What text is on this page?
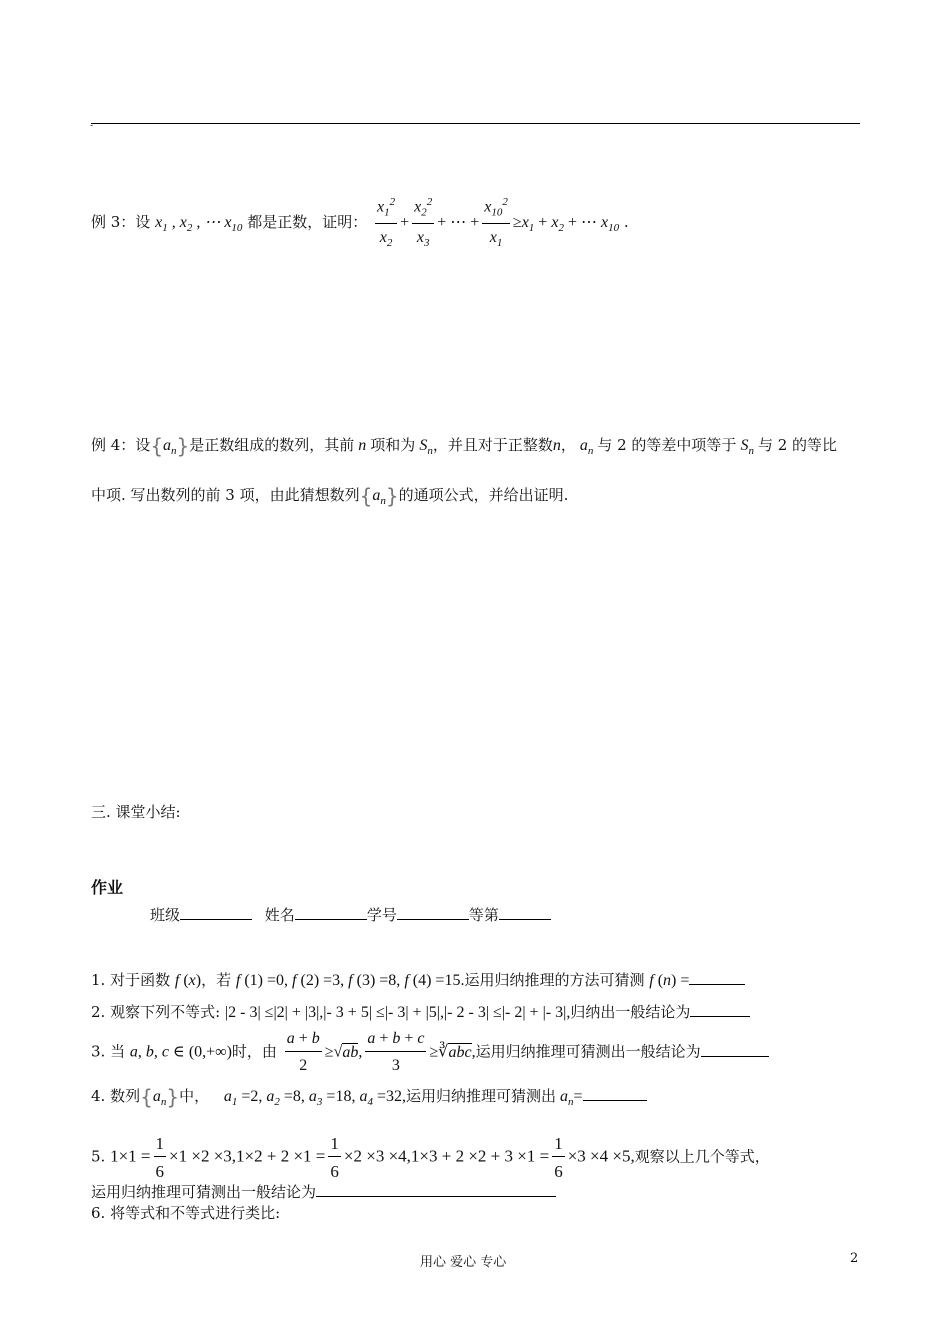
-
例 3：设 $x_1$ , $x_2$ , ⋯ $x_{10}$ 都是正数，证明： $\frac{x_1^2}{x_2} + \frac{x_2^2}{x_3}$ + ⋯ + $\frac{x_{10}^2}{x_1} \ge x_1 + x_2$ + ⋯ $x_{10}$ .
例 4：设$\{a_n\}$是正数组成的数列，其前 n 项和为 $S_n$，并且对于正整数n， $a_n$ 与 2 的等差中项等于 $S_n$ 与 2 的等比
中项. 写出数列的前 3 项，由此猜想数列$\{a_n\}$的通项公式，并给出证明.
三. 课堂小结:
作业
班级	姓名	学号	等第
1. 对于函数 f (x)，若 f (1) =0, f (2) =3, f (3) =8, f (4) =15.运用归纳推理的方法可猜测 f (n) =
2. 观察下列不等式: |2 - 3| ≤|2| + |3|,|- 3 + 5| ≤|- 3| + |5|,|- 2 - 3| ≤|- 2| + |- 3|,归纳出一般结论为
3. 当 a, b, c ∈ (0,+∞)时，由 $\frac{a + b}{2} \ge√ab$, $\frac{a + b + c}{3}$ ≥∛abc,运用归纳推理可猜测出一般结论为
4. 数列$\{a_n\}$中， $a_1 =2$, $a_2 =8$, $a_3 =18$, $a_4 =32$,运用归纳推理可猜测出 $a_n=$
5. $1\times 1 = \frac{1}{6} \times 1 \times 2 \times 3,1\times 2 + 2 \times 1 = \frac{1}{6} \times 2 \times 3 \times 4,1\times 3 + 2 \times 2 + 3 \times 1 = \frac{1}{6} \times 3 \times 4 \times 5$,观察以上几个等式，
运用归纳推理可猜测出一般结论为
6. 将等式和不等式进行类比:
用心 爱心 专心	2
